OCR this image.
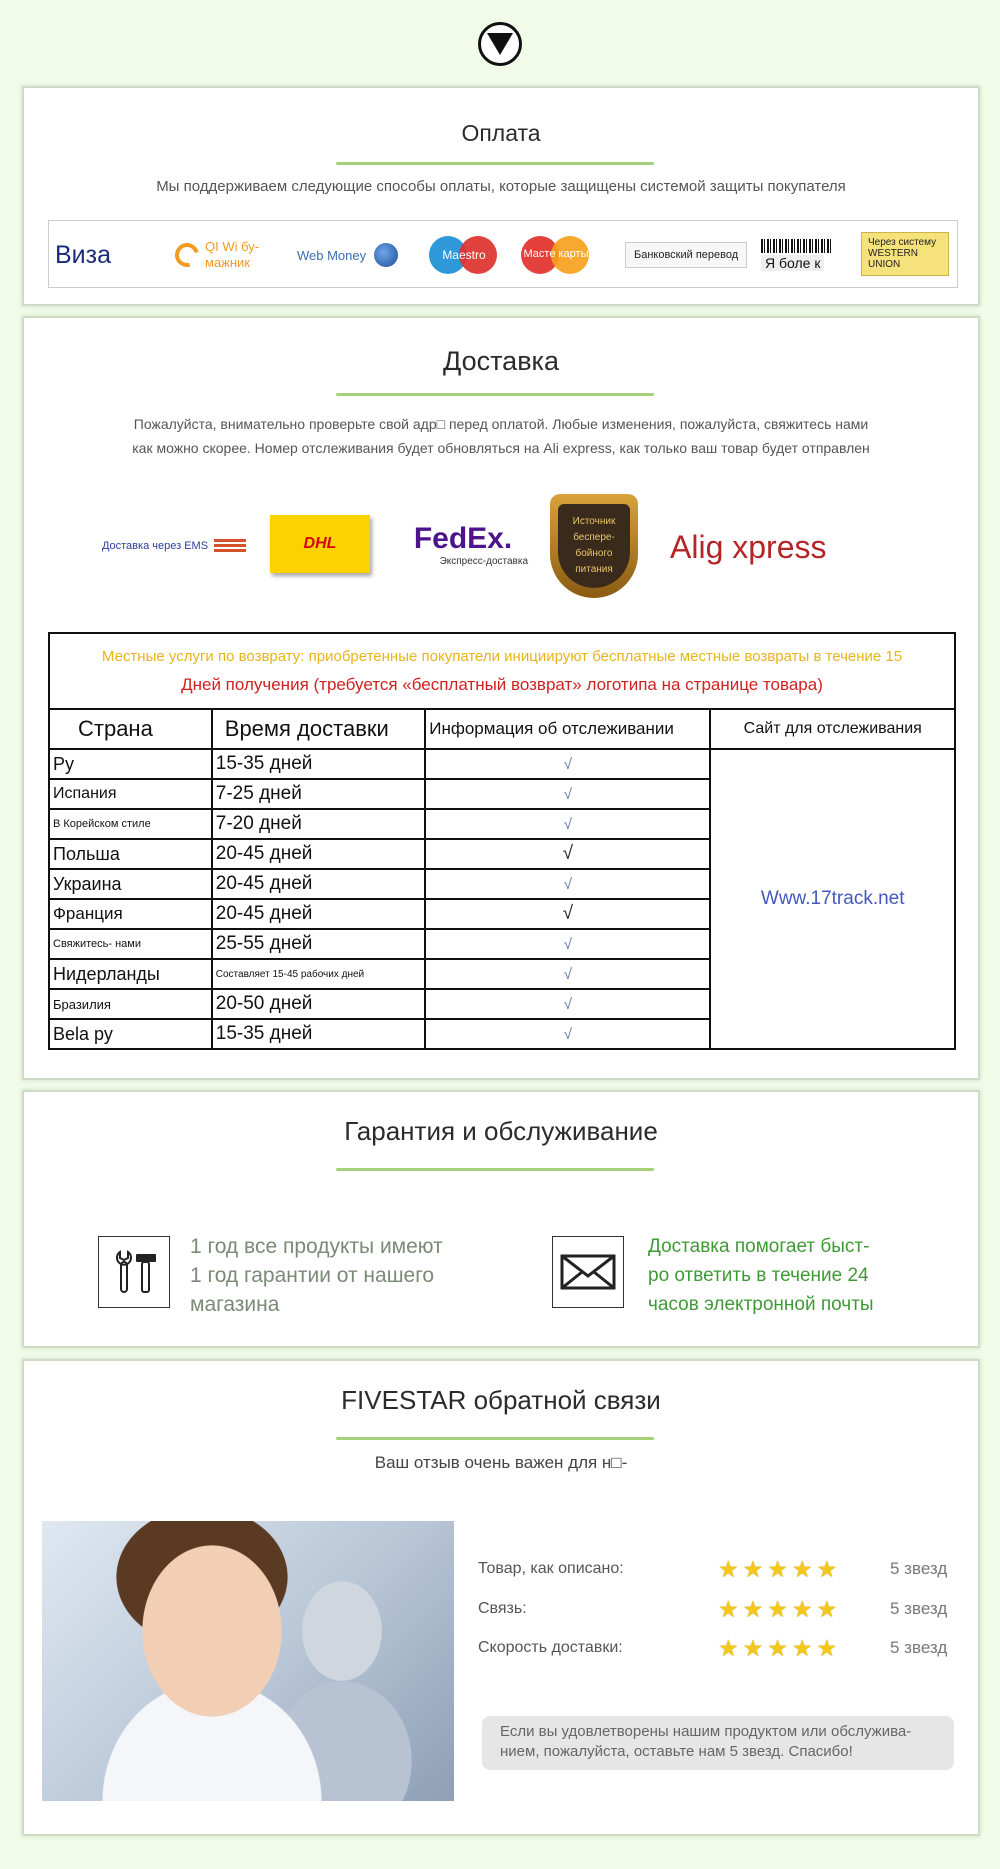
Оплата

Мы поддерживаем следующие способы оплаты, которые защищены системой защиты покупателя

Виза	QI Wi бу-
мажник	Web Money	Maestro	Масте карты	Банковский перевод Я боле к
Через систему WESTERN UNION
Доставка

Пожалуйста, внимательно проверьте свой адр□ перед оплатой. Любые изменения, пожалуйста, свяжитесь нами
как можно скорее. Номер отслеживания будет обновляться на Ali express, как только ваш товар будет отправлен

Доставка через EMS	DHL	FedEx.
Экспресс-доставка
Источник беспере- бойного питания
Alig xpress
Местные услуги по возврату: приобретенные покупатели инициируют бесплатные местные возвраты в течение 15
Дней получения (требуется «бесплатный возврат» логотипа на странице товара)			

Страна	Время доставки	Информация об отслеживании	Сайт для отслеживания
Ру	15-35 дней	√	Www.17track.net
Испания	7-25 дней	√	
В Корейском стиле	7-20 дней	√	
Польша	20-45 дней	√	
Украина	20-45 дней	√	
Франция	20-45 дней	√	
Свяжитесь- нами	25-55 дней	√	
Нидерланды	Составляет 15-45 рабочих дней	√	
Бразилия	20-50 дней	√	
Bela ру	15-35 дней	√	
Гарантия и обслуживание

1 год все продукты имеют 1 год гарантии от нашего магазина

Доставка помогает быст- ро ответить в течение 24 часов электронной почты

FIVESTAR обратной связи

Ваш отзыв очень важен для н□-

Товар, как описано:	★ ★ ★ ★ ★	5 звезд
Связь:	★ ★ ★ ★ ★	5 звезд
Скорость доставки:	★ ★ ★ ★ ★	5 звезд
Если вы удовлетворены нашим продуктом или обслужива- нием, пожалуйста, оставьте нам 5 звезд. Спасибо!
